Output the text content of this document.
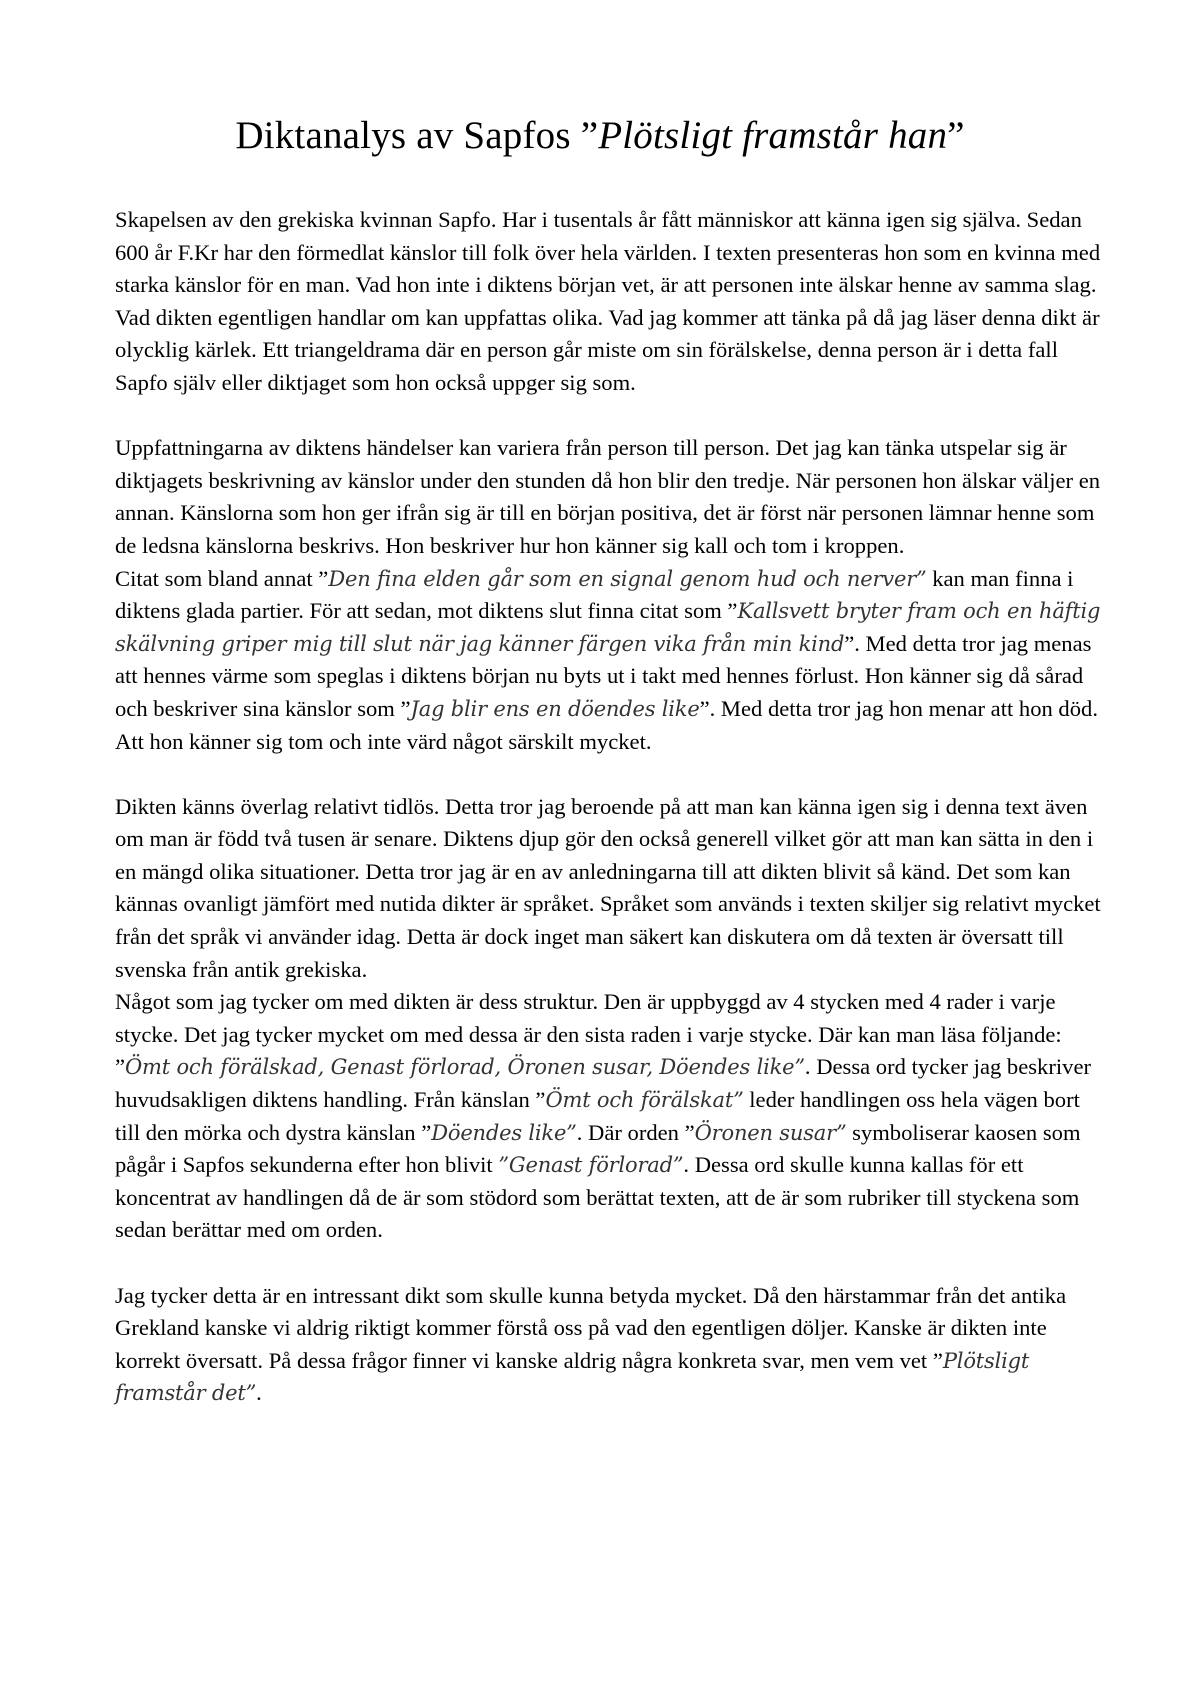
Diktanalys av Sapfos ”Plötsligt framstår han”

Skapelsen av den grekiska kvinnan Sapfo. Har i tusentals år fått människor att känna igen sig själva. Sedan 600 år F.Kr har den förmedlat känslor till folk över hela världen. I texten presenteras hon som en kvinna med starka känslor för en man. Vad hon inte i diktens början vet, är att personen inte älskar henne av samma slag. Vad dikten egentligen handlar om kan uppfattas olika. Vad jag kommer att tänka på då jag läser denna dikt är olycklig kärlek. Ett triangeldrama där en person går miste om sin förälskelse, denna person är i detta fall Sapfo själv eller diktjaget som hon också uppger sig som.

Uppfattningarna av diktens händelser kan variera från person till person. Det jag kan tänka utspelar sig är diktjagets beskrivning av känslor under den stunden då hon blir den tredje. När personen hon älskar väljer en annan. Känslorna som hon ger ifrån sig är till en början positiva, det är först när personen lämnar henne som de ledsna känslorna beskrivs. Hon beskriver hur hon känner sig kall och tom i kroppen.

Citat som bland annat ”Den fina elden går som en signal genom hud och nerver” kan man finna i diktens glada partier. För att sedan, mot diktens slut finna citat som ”Kallsvett bryter fram och en häftig skälvning griper mig till slut när jag känner färgen vika från min kind”. Med detta tror jag menas att hennes värme som speglas i diktens början nu byts ut i takt med hennes förlust. Hon känner sig då sårad och beskriver sina känslor som ”Jag blir ens en döendes like”. Med detta tror jag hon menar att hon död. Att hon känner sig tom och inte värd något särskilt mycket.

Dikten känns överlag relativt tidlös. Detta tror jag beroende på att man kan känna igen sig i denna text även om man är född två tusen är senare. Diktens djup gör den också generell vilket gör att man kan sätta in den i en mängd olika situationer. Detta tror jag är en av anledningarna till att dikten blivit så känd. Det som kan kännas ovanligt jämfört med nutida dikter är språket. Språket som används i texten skiljer sig relativt mycket från det språk vi använder idag. Detta är dock inget man säkert kan diskutera om då texten är översatt till svenska från antik grekiska.

Något som jag tycker om med dikten är dess struktur. Den är uppbyggd av 4 stycken med 4 rader i varje stycke. Det jag tycker mycket om med dessa är den sista raden i varje stycke. Där kan man läsa följande: ”Ömt och förälskad, Genast förlorad, Öronen susar, Döendes like”. Dessa ord tycker jag beskriver huvudsakligen diktens handling. Från känslan ”Ömt och förälskat” leder handlingen oss hela vägen bort till den mörka och dystra känslan ”Döendes like”. Där orden ”Öronen susar” symboliserar kaosen som pågår i Sapfos sekunderna efter hon blivit ”Genast förlorad”. Dessa ord skulle kunna kallas för ett koncentrat av handlingen då de är som stödord som berättat texten, att de är som rubriker till styckena som sedan berättar med om orden.

Jag tycker detta är en intressant dikt som skulle kunna betyda mycket. Då den härstammar från det antika Grekland kanske vi aldrig riktigt kommer förstå oss på vad den egentligen döljer. Kanske är dikten inte korrekt översatt. På dessa frågor finner vi kanske aldrig några konkreta svar, men vem vet ”Plötsligt framstår det”.
